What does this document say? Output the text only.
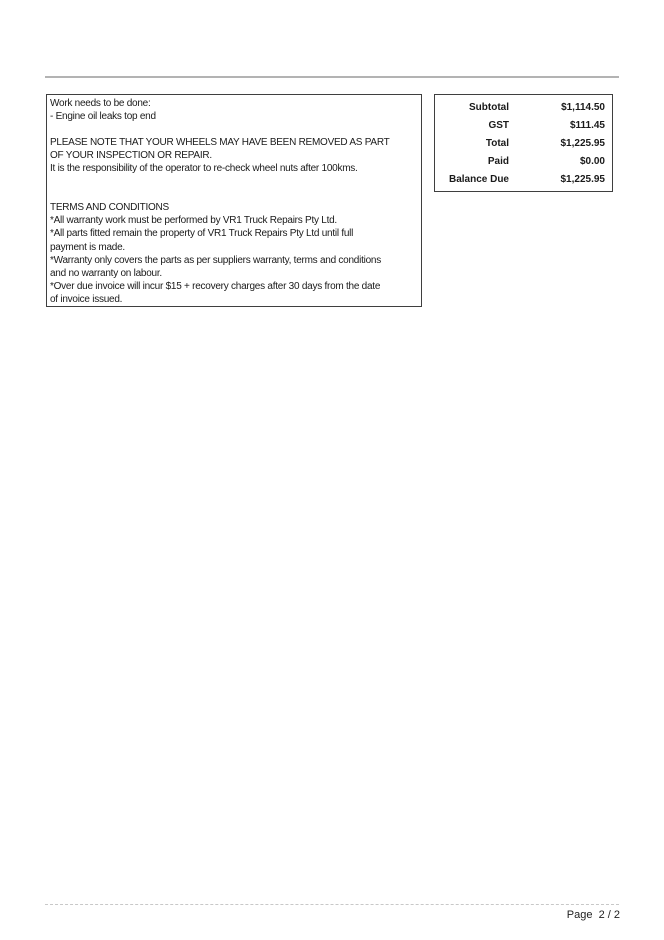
Work needs to be done:
- Engine oil leaks top end
PLEASE NOTE THAT YOUR WHEELS MAY HAVE BEEN REMOVED AS PART
OF YOUR INSPECTION OR REPAIR.
It is the responsibility of the operator to re-check wheel nuts after 100kms.
TERMS AND CONDITIONS
*All warranty work must be performed by VR1 Truck Repairs Pty Ltd.
*All parts fitted remain the property of VR1 Truck Repairs Pty Ltd until full
payment is made.
*Warranty only covers the parts as per suppliers warranty, terms and conditions
and no warranty on labour.
*Over due invoice will incur $15 + recovery charges after 30 days from the date
of invoice issued.
Subtotal	$1,114.50
GST	$111.45
Total	$1,225.95
Paid	$0.00
Balance Due	$1,225.95
Page  2 / 2
